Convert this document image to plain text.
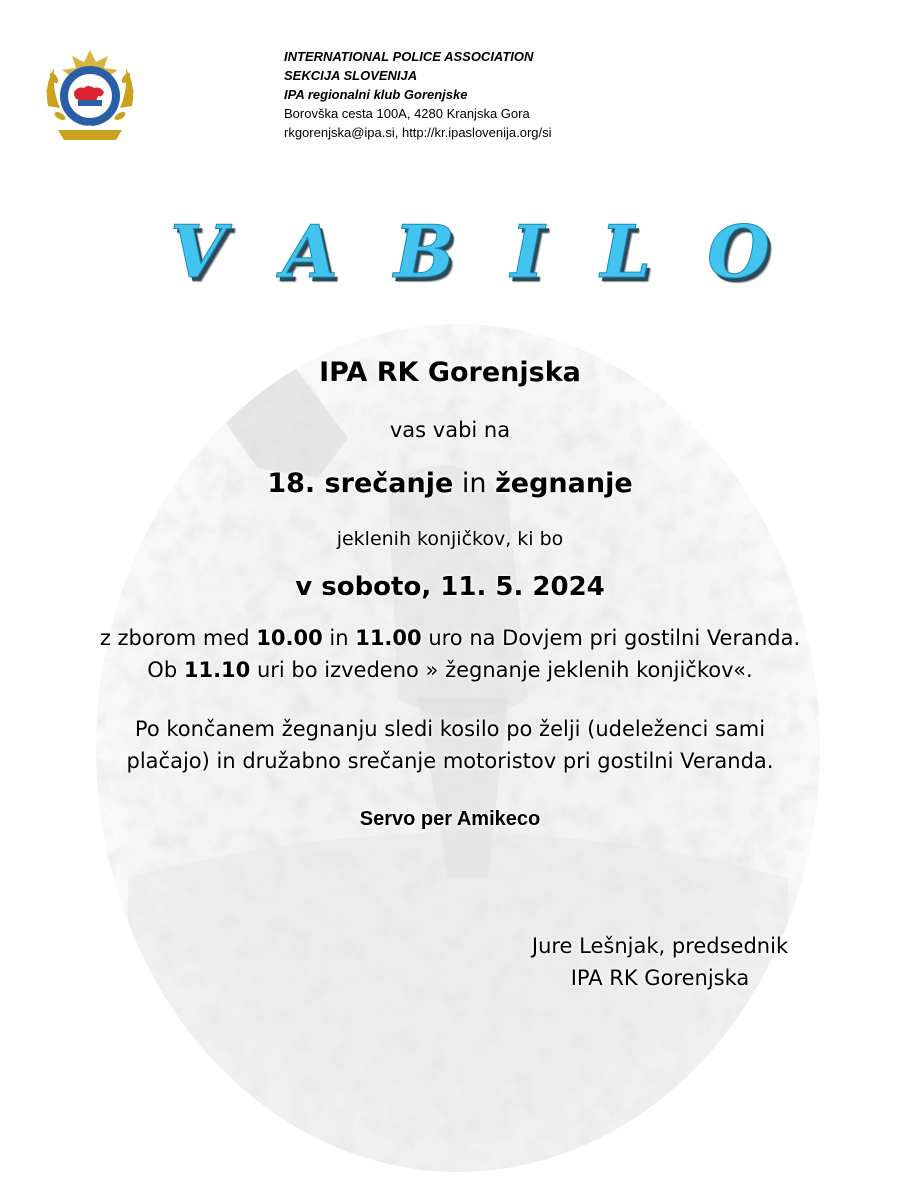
SERVO PER AMIKECO
INTERNATIONAL POLICE ASSOCIATION
SEKCIJA SLOVENIJA
IPA regionalni klub Gorenjske
Borovška cesta 100A, 4280 Kranjska Gora
rkgorenjska@ipa.si, http://kr.ipaslovenija.org/si
V A B I L O
IPA RK Gorenjska
vas vabi na
18. srečanje in žegnanje
jeklenih konjičkov, ki bo
v soboto, 11. 5. 2024
z zborom med 10.00 in 11.00 uro na Dovjem pri gostilni Veranda.
Ob 11.10 uri bo izvedeno » žegnanje jeklenih konjičkov«.
Po končanem žegnanju sledi kosilo po želji (udeleženci sami
plačajo) in družabno srečanje motoristov pri gostilni Veranda.
Servo per Amikeco
Jure Lešnjak, predsednik
IPA RK Gorenjska
